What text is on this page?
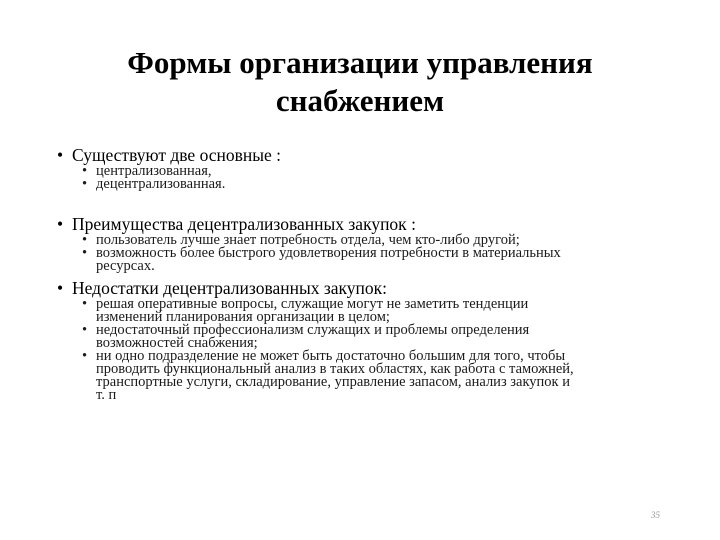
Формы организации управления
снабжением
• Существуют две основные :
• централизованная,
• децентрализованная.
• Преимущества децентрализованных закупок :
• пользователь лучше знает потребность отдела, чем кто-либо другой;
• возможность более быстрого удовлетворения потребности в материальных
ресурсах.
• Недостатки децентрализованных закупок:
• решая оперативные вопросы, служащие могут не заметить тенденции
изменений планирования организации в целом;
• недостаточный профессионализм служащих и проблемы определения
возможностей снабжения;
• ни одно подразделение не может быть достаточно большим для того, чтобы
проводить функциональный анализ в таких областях, как работа с таможней,
транспортные услуги, складирование, управление запасом, анализ закупок и
т. п
35
